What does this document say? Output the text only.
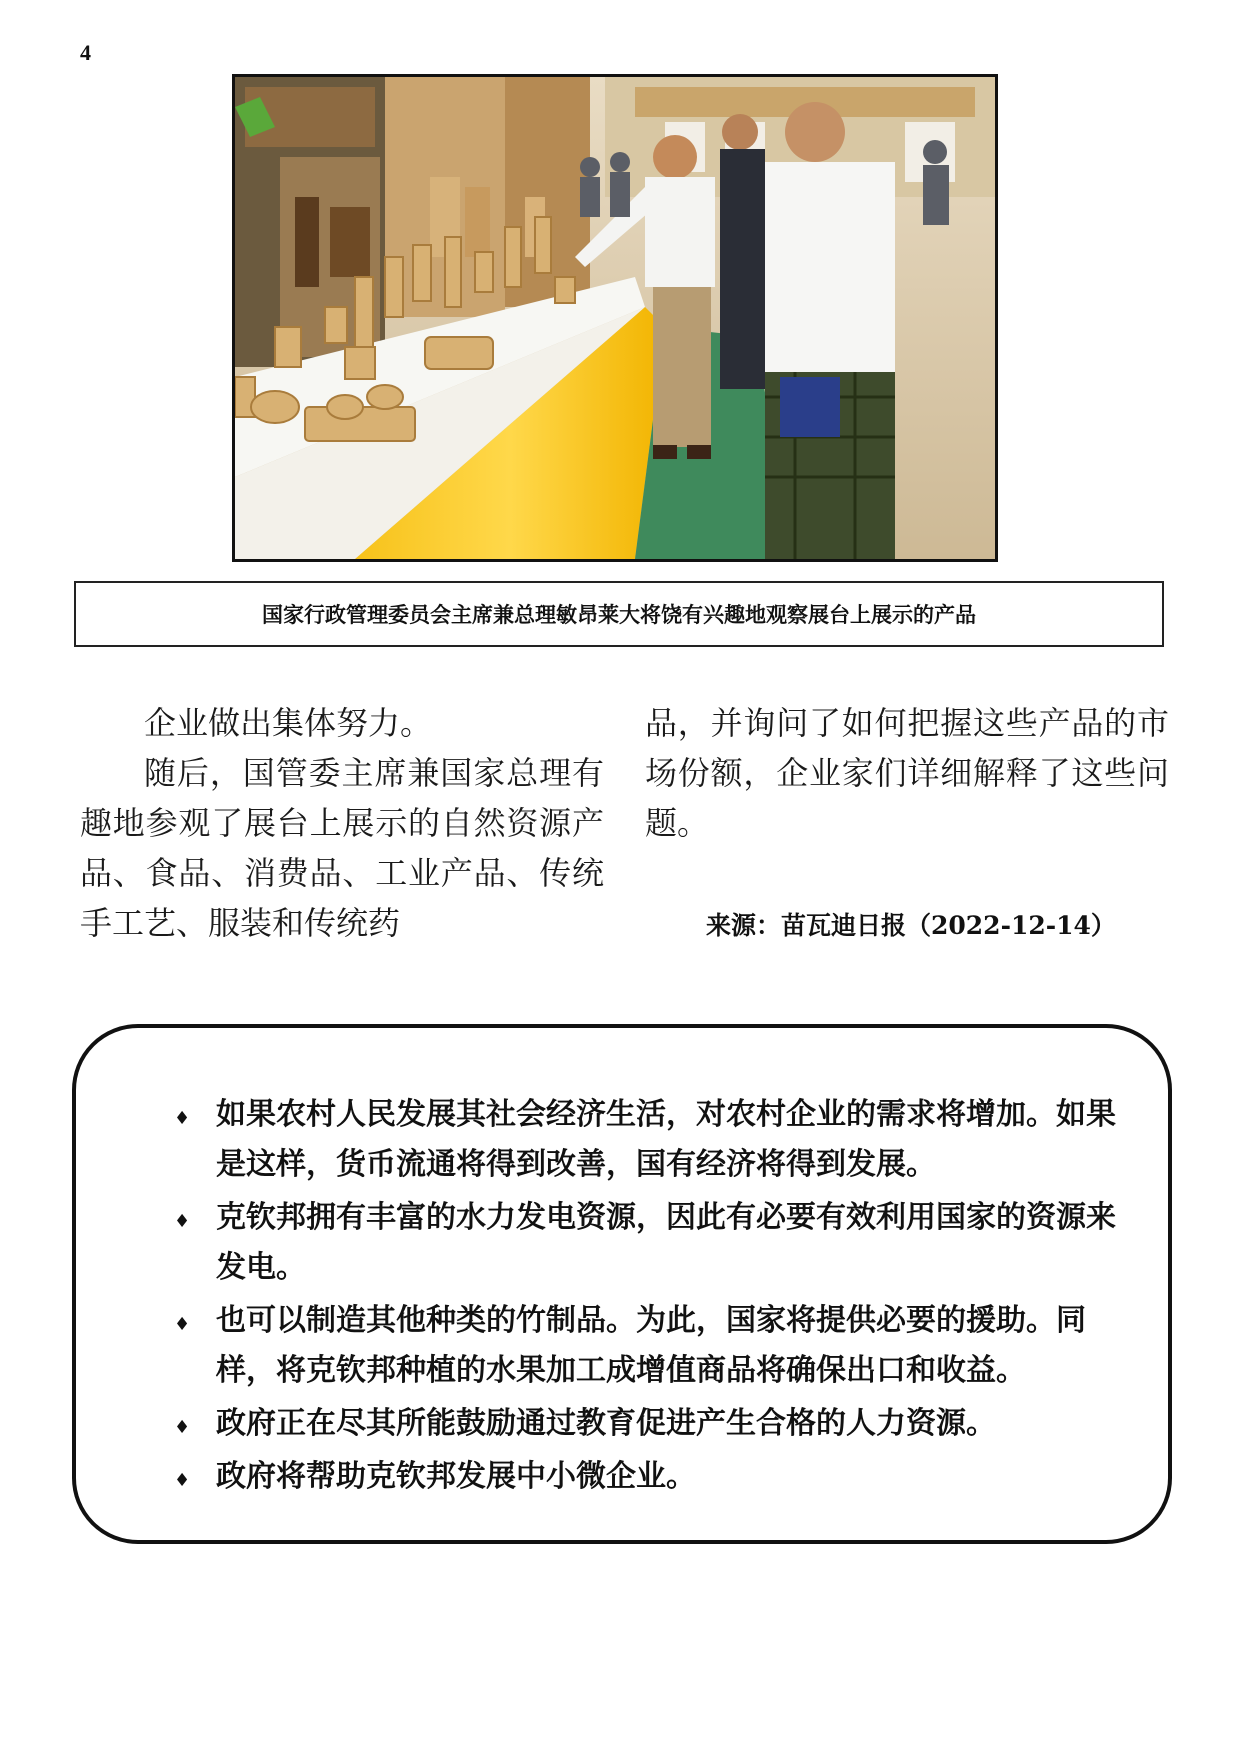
4
国家行政管理委员会主席兼总理敏昂莱大将饶有兴趣地观察展台上展示的产品

企业做出集体努力。

随后，国管委主席兼国家总理有趣地参观了展台上展示的自然资源产品、食品、消费品、工业产品、传统手工艺、服装和传统药

品，并询问了如何把握这些产品的市场份额，企业家们详细解释了这些问题。

来源：苗瓦迪日报（2022-12-14）
♦ 如果农村人民发展其社会经济生活，对农村企业的需求将增加。如果是这样，货币流通将得到改善，国有经济将得到发展。
♦ 克钦邦拥有丰富的水力发电资源，因此有必要有效利用国家的资源来发电。
♦ 也可以制造其他种类的竹制品。为此，国家将提供必要的援助。同样，将克钦邦种植的水果加工成增值商品将确保出口和收益。
♦ 政府正在尽其所能鼓励通过教育促进产生合格的人力资源。
♦ 政府将帮助克钦邦发展中小微企业。
